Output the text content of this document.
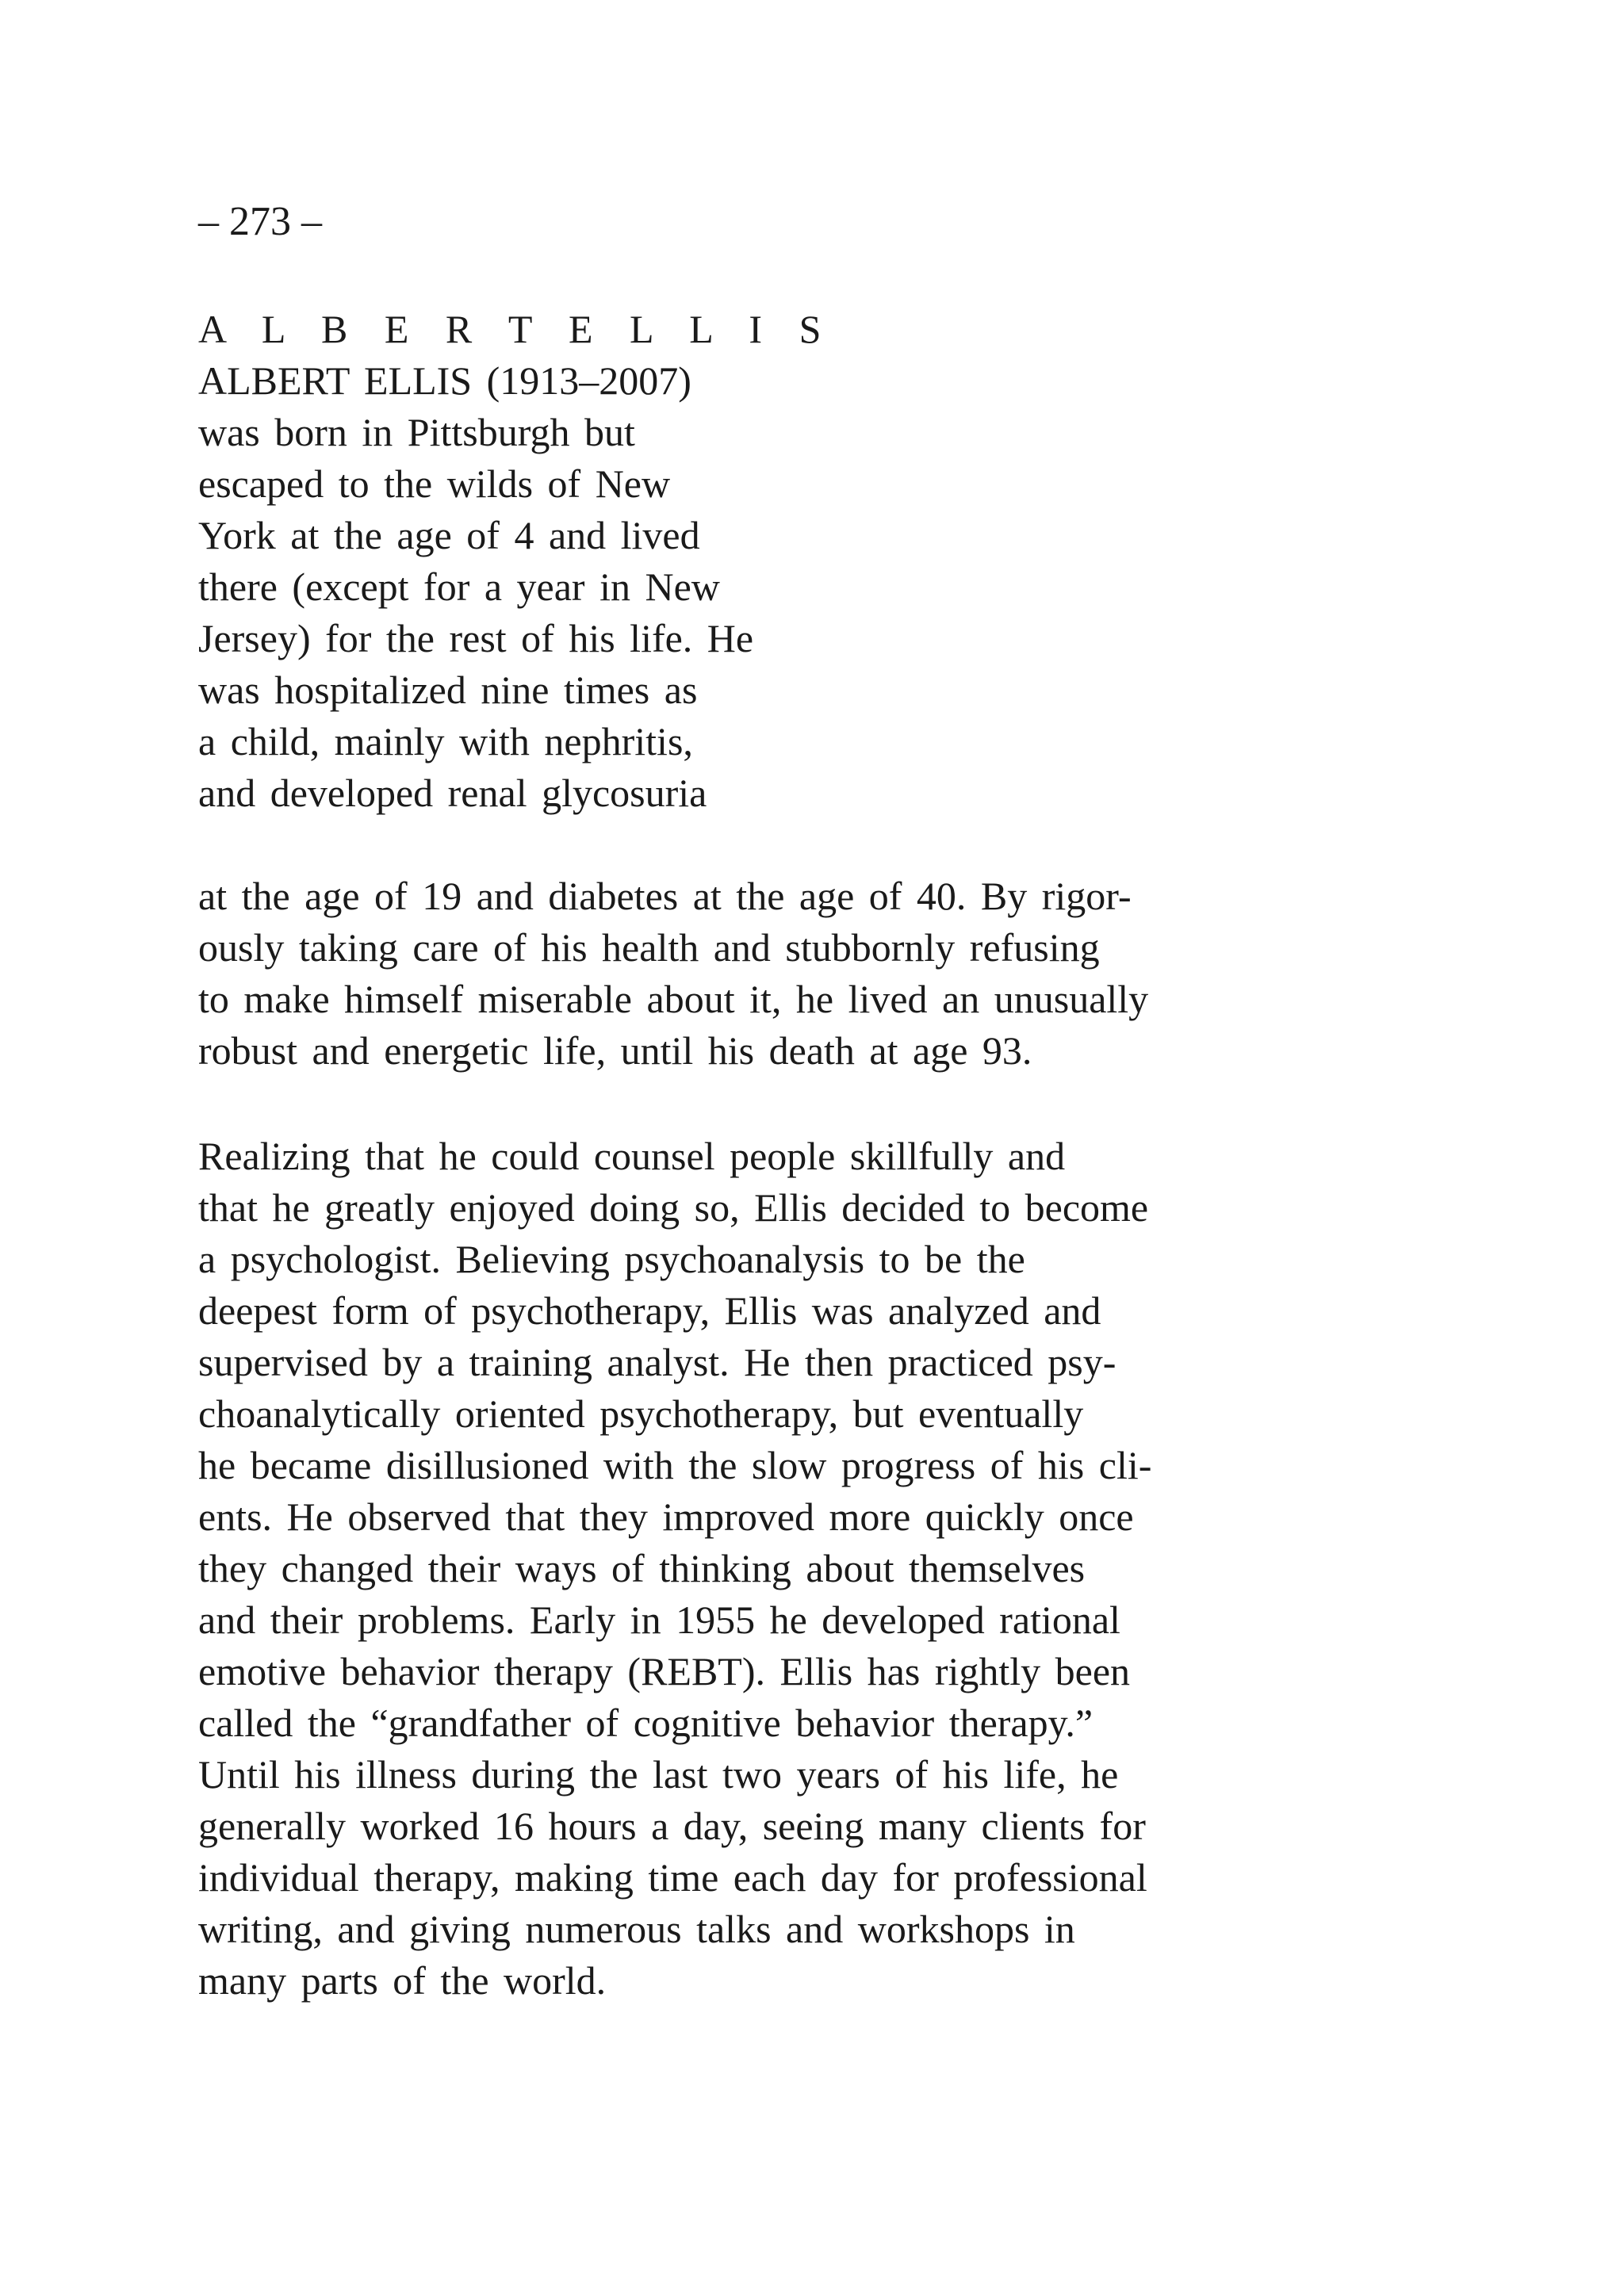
– 273 –
A L B E R T E L L I S
ALBERT ELLIS (1913–2007)
was born in Pittsburgh but
escaped to the wilds of New
York at the age of 4 and lived
there (except for a year in New
Jersey) for the rest of his life. He
was hospitalized nine times as
a child, mainly with nephritis,
and developed renal glycosuria
at the age of 19 and diabetes at the age of 40. By rigor-
ously taking care of his health and stubbornly refusing
to make himself miserable about it, he lived an unusually
robust and energetic life, until his death at age 93.
Realizing that he could counsel people skillfully and
that he greatly enjoyed doing so, Ellis decided to become
a psychologist. Believing psychoanalysis to be the
deepest form of psychotherapy, Ellis was analyzed and
supervised by a training analyst. He then practiced psy-
choanalytically oriented psychotherapy, but eventually
he became disillusioned with the slow progress of his cli-
ents. He observed that they improved more quickly once
they changed their ways of thinking about themselves
and their problems. Early in 1955 he developed rational
emotive behavior therapy (REBT). Ellis has rightly been
called the “grandfather of cognitive behavior therapy.”
Until his illness during the last two years of his life, he
generally worked 16 hours a day, seeing many clients for
individual therapy, making time each day for professional
writing, and giving numerous talks and workshops in
many parts of the world.
